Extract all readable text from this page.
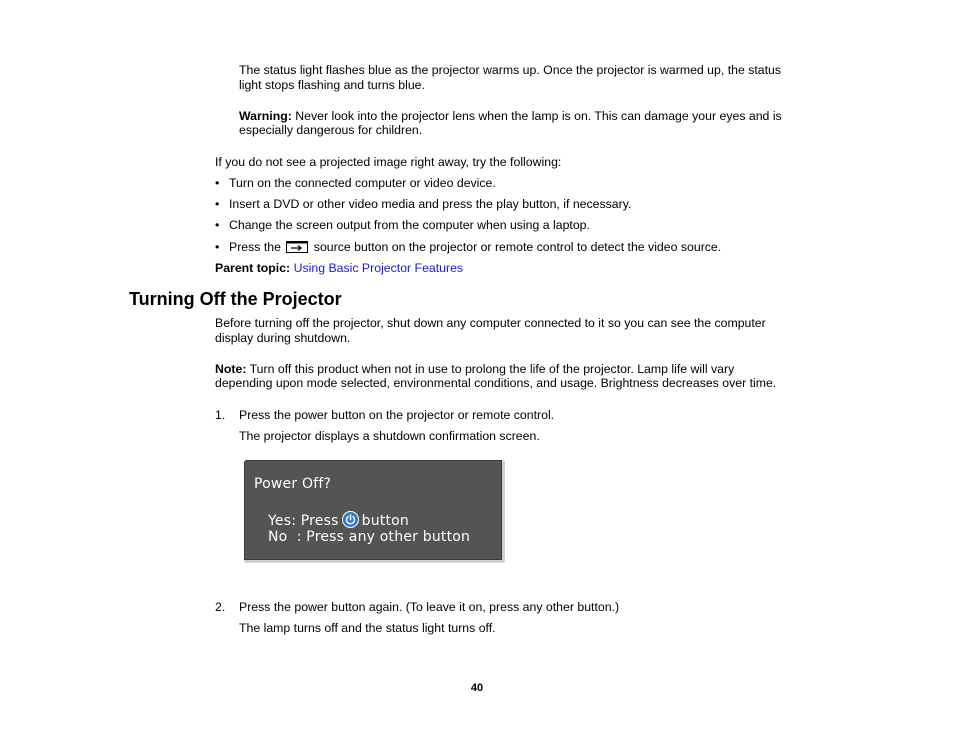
The status light flashes blue as the projector warms up. Once the projector is warmed up, the status

light stops flashing and turns blue.

Warning: Never look into the projector lens when the lamp is on. This can damage your eyes and is

especially dangerous for children.

If you do not see a projected image right away, try the following:

• Turn on the connected computer or video device.

• Insert a DVD or other video media and press the play button, if necessary.

• Change the screen output from the computer when using a laptop.

• Press the	source button on the projector or remote control to detect the video source.

Parent topic: Using Basic Projector Features

Turning Off the Projector

Before turning off the projector, shut down any computer connected to it so you can see the computer

display during shutdown.

Note: Turn off this product when not in use to prolong the life of the projector. Lamp life will vary

depending upon mode selected, environmental conditions, and usage. Brightness decreases over time.

1. Press the power button on the projector or remote control.

The projector displays a shutdown confirmation screen.

Power Off?
Yes: Press button
No  : Press any other button
2. Press the power button again. (To leave it on, press any other button.)

The lamp turns off and the status light turns off.

40
